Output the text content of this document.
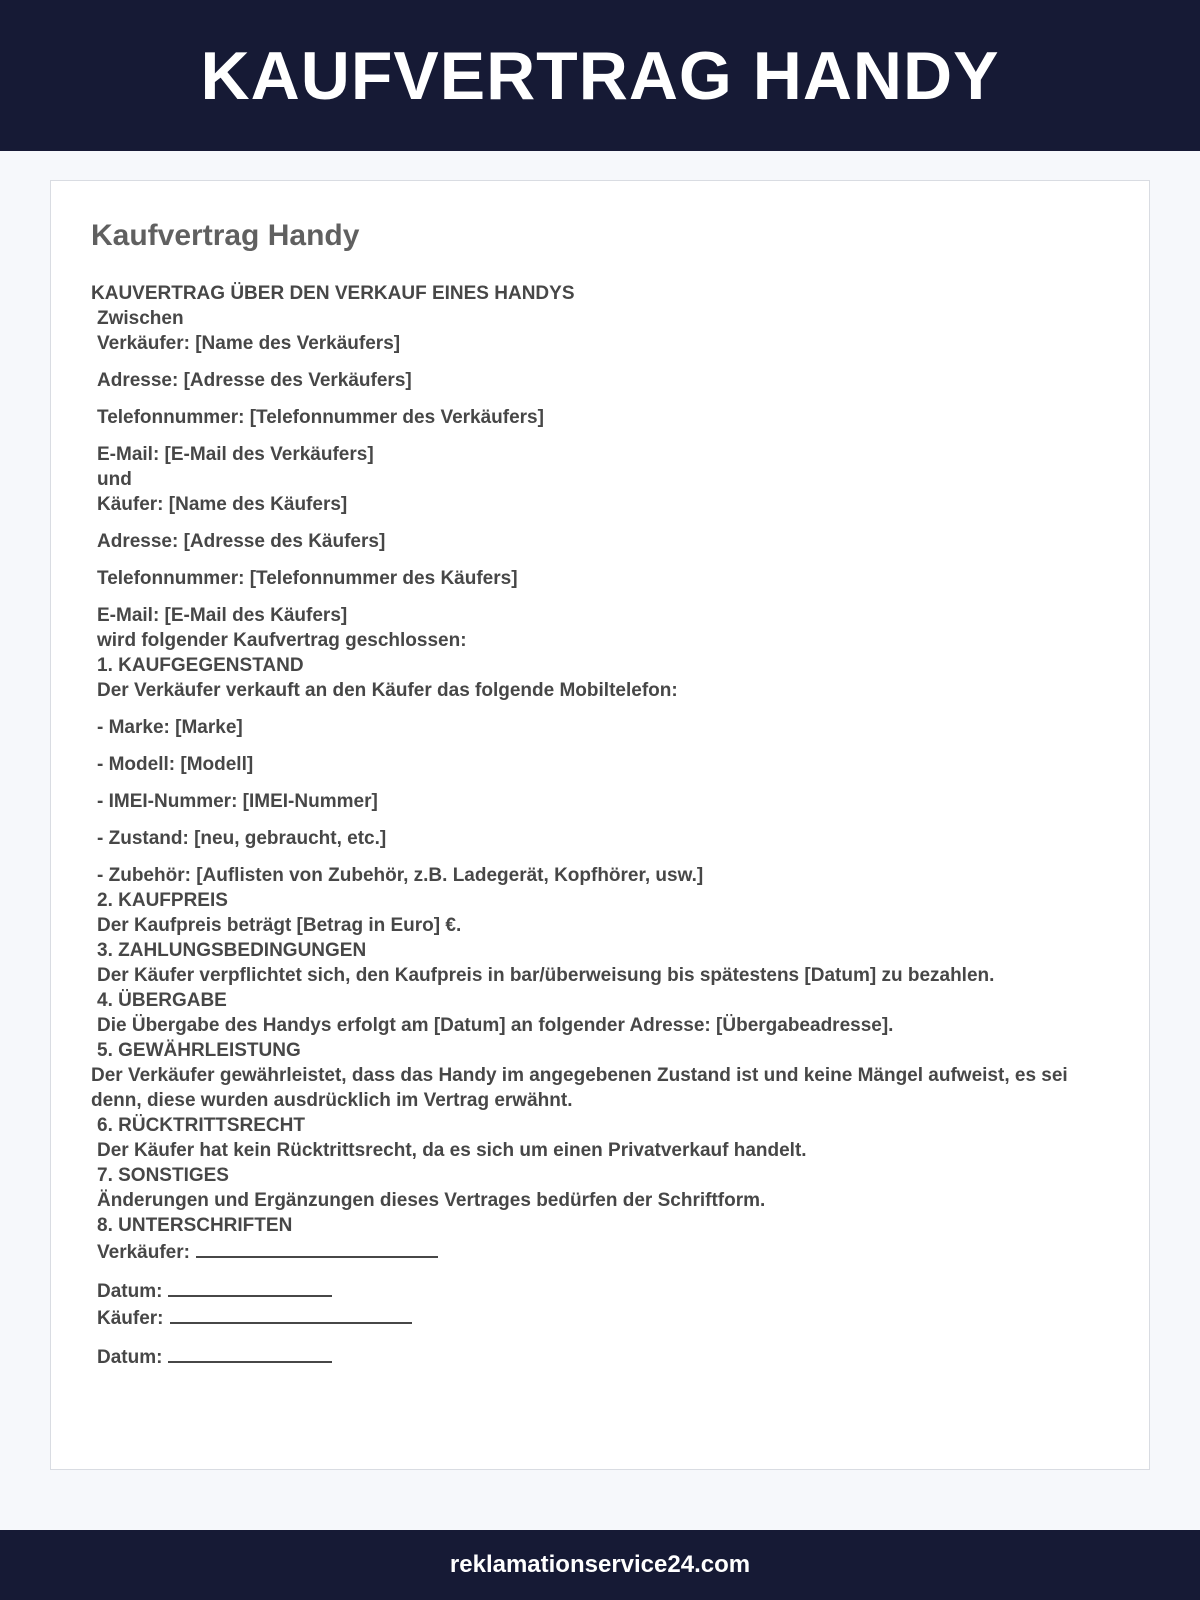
KAUFVERTRAG HANDY
Kaufvertrag Handy
KAUVERTRAG ÜBER DEN VERKAUF EINES HANDYS
Zwischen
Verkäufer: [Name des Verkäufers]
Adresse: [Adresse des Verkäufers]
Telefonnummer: [Telefonnummer des Verkäufers]
E-Mail: [E-Mail des Verkäufers]
und
Käufer: [Name des Käufers]
Adresse: [Adresse des Käufers]
Telefonnummer: [Telefonnummer des Käufers]
E-Mail: [E-Mail des Käufers]
wird folgender Kaufvertrag geschlossen:
1. KAUFGEGENSTAND
Der Verkäufer verkauft an den Käufer das folgende Mobiltelefon:
- Marke: [Marke]
- Modell: [Modell]
- IMEI-Nummer: [IMEI-Nummer]
- Zustand: [neu, gebraucht, etc.]
- Zubehör: [Auflisten von Zubehör, z.B. Ladegerät, Kopfhörer, usw.]
2. KAUFPREIS
Der Kaufpreis beträgt [Betrag in Euro] €.
3. ZAHLUNGSBEDINGUNGEN
Der Käufer verpflichtet sich, den Kaufpreis in bar/überweisung bis spätestens [Datum] zu bezahlen.
4. ÜBERGABE
Die Übergabe des Handys erfolgt am [Datum] an folgender Adresse: [Übergabeadresse].
5. GEWÄHRLEISTUNG
Der Verkäufer gewährleistet, dass das Handy im angegebenen Zustand ist und keine Mängel aufweist, es sei denn, diese wurden ausdrücklich im Vertrag erwähnt.
6. RÜCKTRITTSRECHT
Der Käufer hat kein Rücktrittsrecht, da es sich um einen Privatverkauf handelt.
7. SONSTIGES
Änderungen und Ergänzungen dieses Vertrages bedürfen der Schriftform.
8. UNTERSCHRIFTEN
Verkäufer:
Datum:
Käufer:
Datum:
reklamationservice24.com
